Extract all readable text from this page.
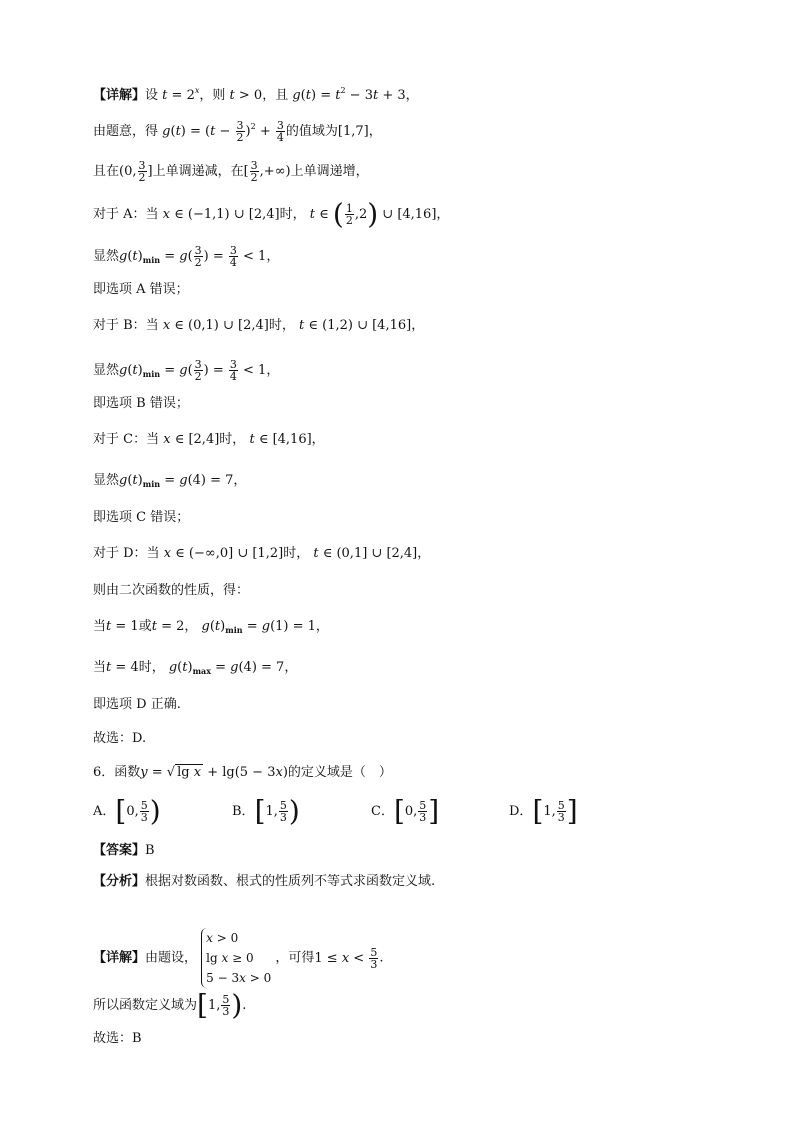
【详解】设 $t = 2^x$，则 t > 0，且 $g(t) = t^2 - 3t + 3$，
由题意，得 $g(t) = (t - \frac{3}{2} )^2 + \frac{3}{4}$ 的值域为[1,7]，
且在(0, $\frac{3}{2}$ ]上单调递减，在[ $\frac{3}{2}$ ,+∞)上单调递增，
对于 A：当 x ∈ (−1,1) ∪ [2,4]时， t ∈ ( $\frac{1}{2} ,2$) ∪ [4,16]，
显然$g(t)_{min} = g( \frac{3}{2}$ ) = $\frac{3}{4} < 1$，
即选项 A 错误；
对于 B：当 x ∈ (0,1) ∪ [2,4]时， t ∈ (1,2) ∪ [4,16]，
显然$g(t)_{min} = g( \frac{3}{2}$ ) = $\frac{3}{4} < 1$，
即选项 B 错误；
对于 C：当 x ∈ [2,4]时， t ∈ [4,16]，
显然$g(t)_{min} = g(4) = 7$，
即选项 C 错误；
对于 D：当 x ∈ (−∞,0] ∪ [1,2]时， t ∈ (0,1] ∪ [2,4]，
则由二次函数的性质，得：
当t = 1或t = 2， $g(t)_{min} = g(1) = 1$，
当t = 4时， $g(t)_{max} = g(4) = 7$，
即选项 D 正确.
故选：D.
6．函数y = √ lg x + lg(5 − 3x)的定义域是（　）
A．[0, $\frac{5}{3}$ )	B．[1, $\frac{5}{3}$ )	C．[0, $\frac{5}{3}$ ]	D．[1, $\frac{5}{3}$ ]
【答案】B
【分析】根据对数函数、根式的性质列不等式求函数定义域.
【详解】由题设，
x > 0
lg x ≥ 0
5 − 3x > 0
，可得$1 \le x < \frac{5}{3}$ .
所以函数定义域为[1, $\frac{5}{3}$ ).
故选：B
